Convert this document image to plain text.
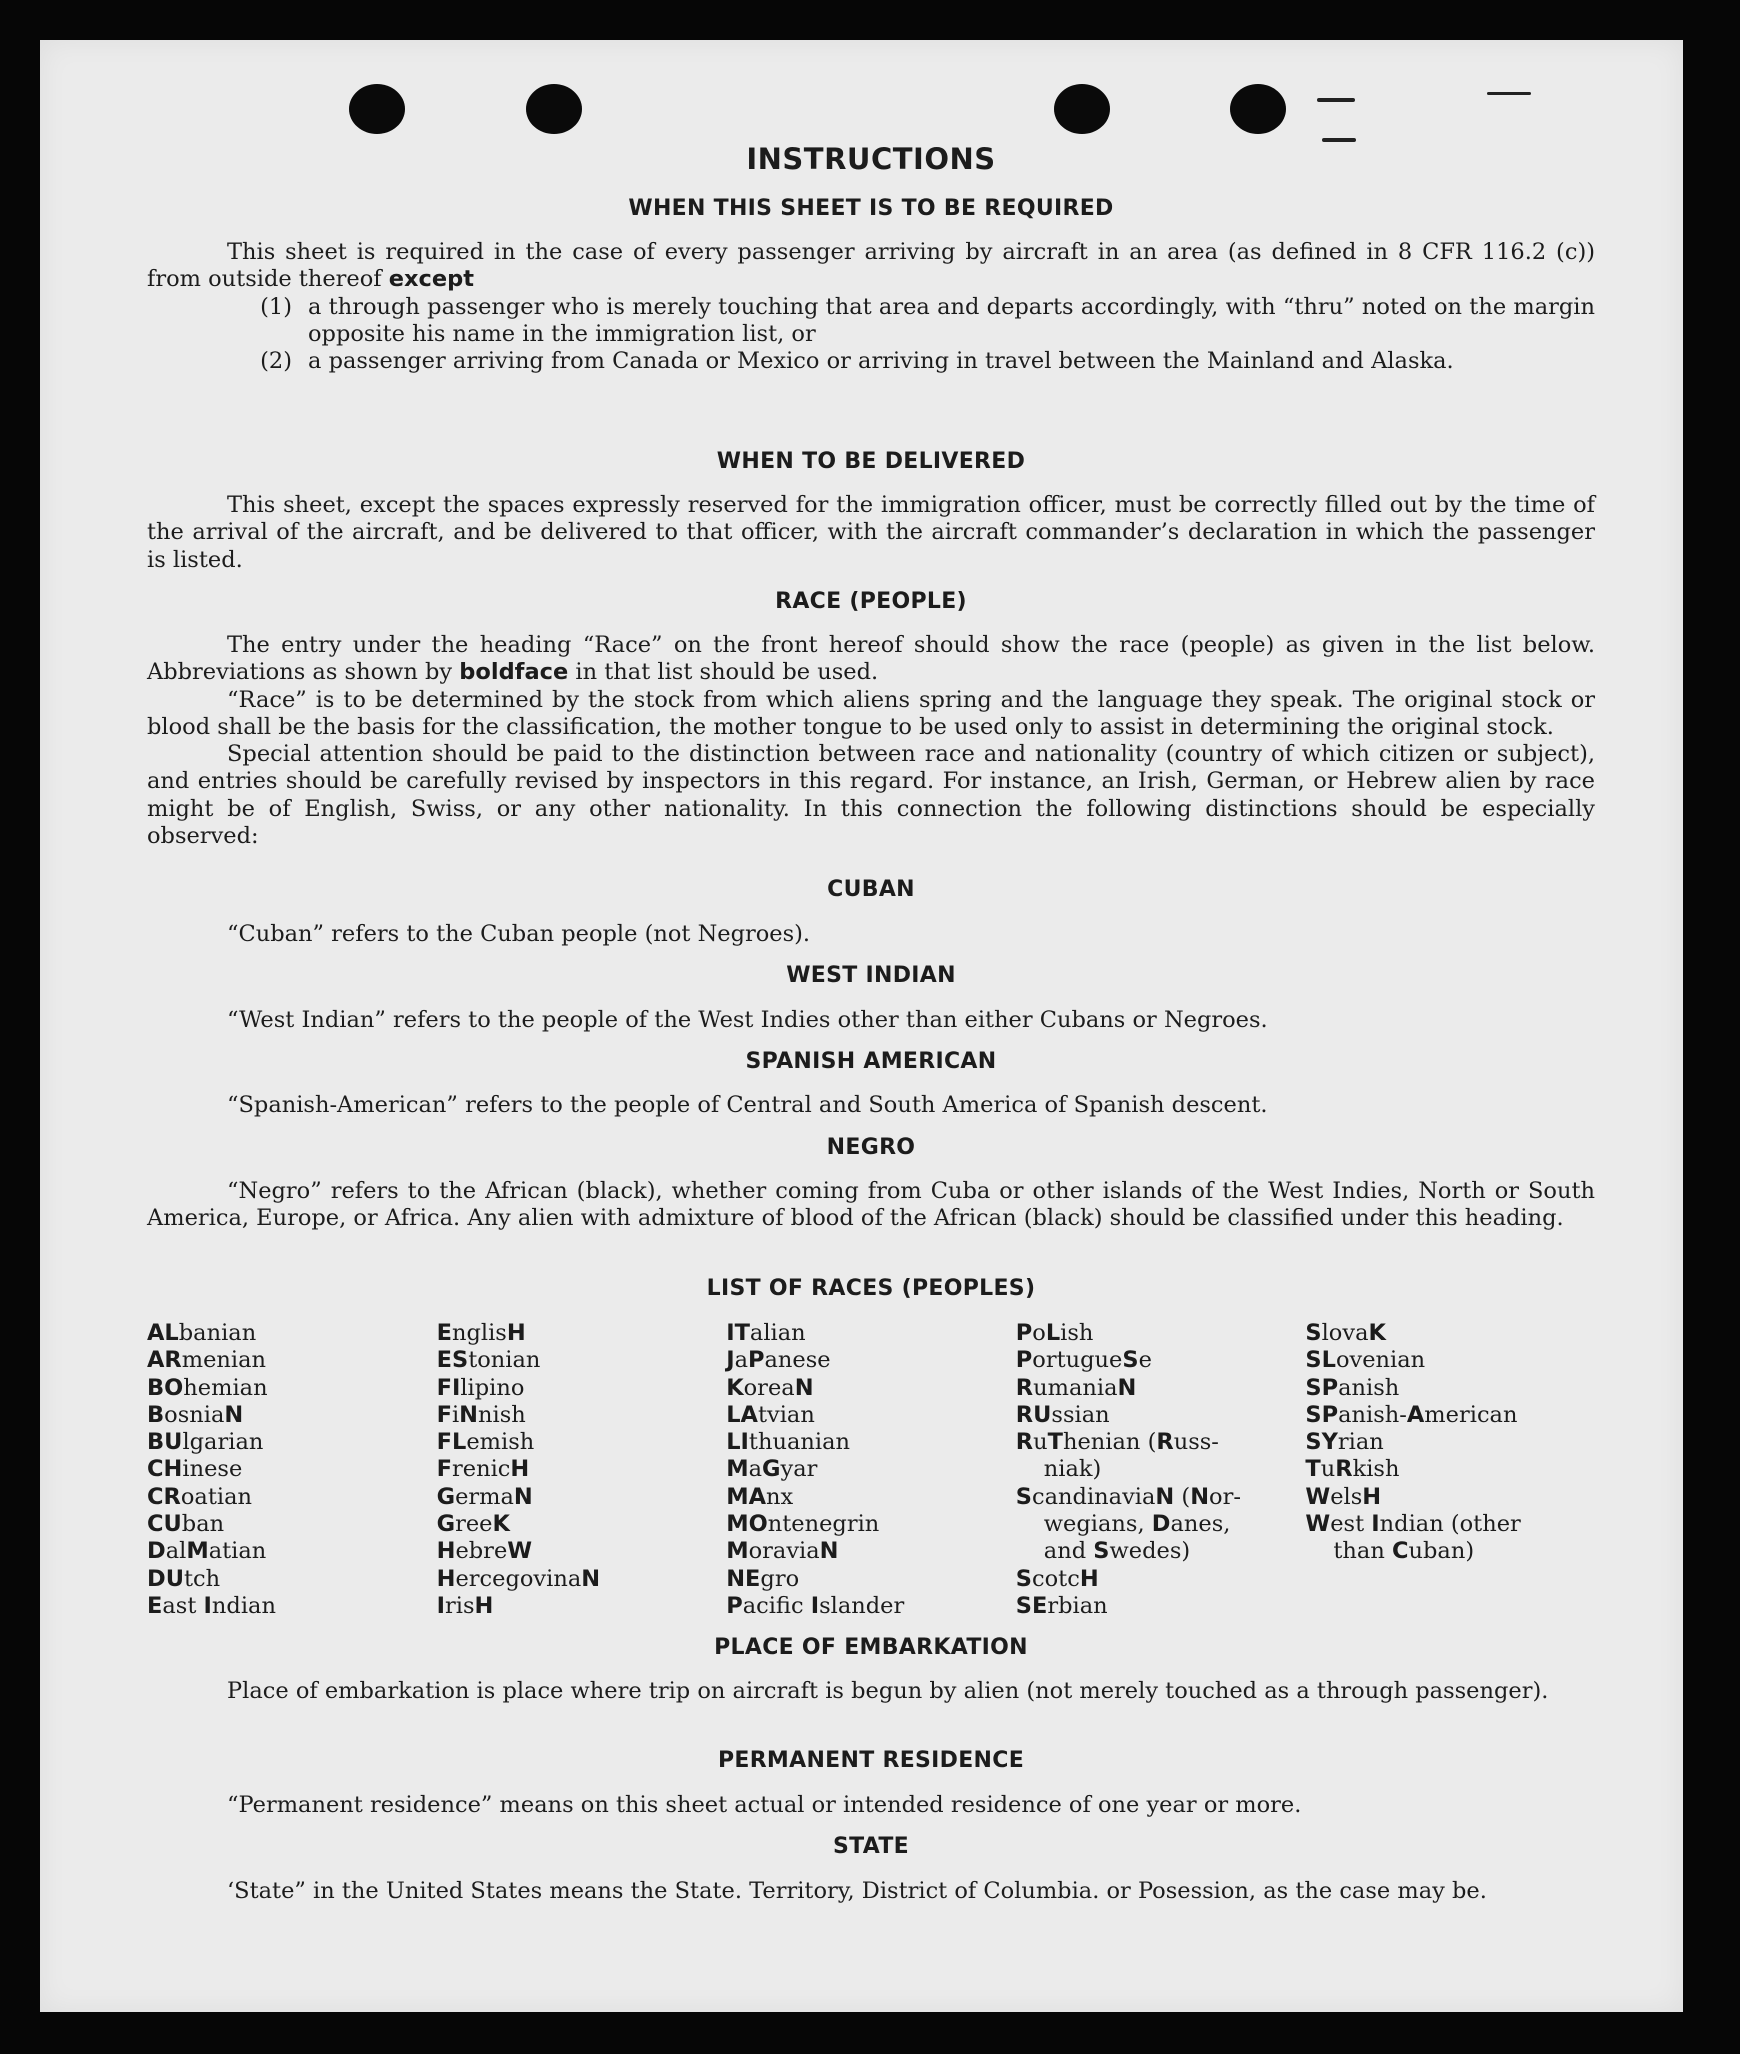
INSTRUCTIONS
WHEN THIS SHEET IS TO BE REQUIRED

This sheet is required in the case of every passenger arriving by aircraft in an area (as defined in 8 CFR 116.2 (c)) from outside thereof except

(1) a through passenger who is merely touching that area and departs accordingly, with “thru” noted on the margin opposite his name in the immigration list, or
(2) a passenger arriving from Canada or Mexico or arriving in travel between the Mainland and Alaska.
WHEN TO BE DELIVERED

This sheet, except the spaces expressly reserved for the immigration officer, must be correctly filled out by the time of the arrival of the aircraft, and be delivered to that officer, with the aircraft commander’s declaration in which the passenger is listed.

RACE (PEOPLE)

The entry under the heading “Race” on the front hereof should show the race (people) as given in the list below. Abbreviations as shown by boldface in that list should be used.

“Race” is to be determined by the stock from which aliens spring and the language they speak. The original stock or blood shall be the basis for the classification, the mother tongue to be used only to assist in determining the original stock.

Special attention should be paid to the distinction between race and nationality (country of which citizen or subject), and entries should be carefully revised by inspectors in this regard. For instance, an Irish, German, or Hebrew alien by race might be of English, Swiss, or any other nationality. In this connection the following distinctions should be especially observed:

CUBAN

“Cuban” refers to the Cuban people (not Negroes).

WEST INDIAN

“West Indian” refers to the people of the West Indies other than either Cubans or Negroes.

SPANISH AMERICAN

“Spanish-American” refers to the people of Central and South America of Spanish descent.

NEGRO

“Negro” refers to the African (black), whether coming from Cuba or other islands of the West Indies, North or South America, Europe, or Africa. Any alien with admixture of blood of the African (black) should be classified under this heading.

LIST OF RACES (PEOPLES)
ALbanian
ARmenian
BOhemian
BosniaN
BUlgarian
CHinese
CRoatian
CUban
DalMatian
DUtch
East Indian
EnglisH
EStonian
FIlipino
FiNnish
FLemish
FrenicH
GermaN
GreeK
HebreW
HercegovinaN
IrisH
ITalian
JaPanese
KoreaN
LAtvian
LIthuanian
MaGyar
MAnx
MOntenegrin
MoraviaN
NEgro
Pacifc Islander
PoLish
PortugueSe
RumaniaN
RUssian
RuThenian (Russ-
niak)
ScandinaviaN (Nor-
wegians, Danes,
and Swedes)
ScotcH
SErbian
SlovaK
SLovenian
SPanish
SPanish-American
SYrian
TuRkish
WelsH
West Indian (other
than Cuban)
PLACE OF EMBARKATION

Place of embarkation is place where trip on aircraft is begun by alien (not merely touched as a through passenger).

PERMANENT RESIDENCE

“Permanent residence” means on this sheet actual or intended residence of one year or more.

STATE

‘State” in the United States means the State. Territory, District of Columbia. or Posession, as the case may be.
